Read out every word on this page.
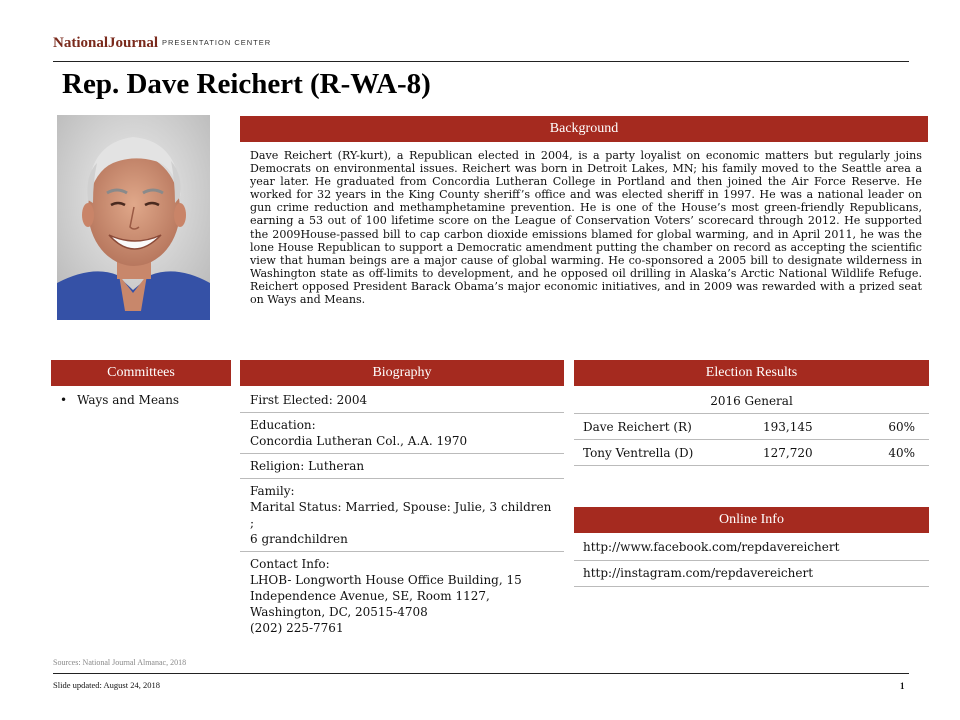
NationalJournal $^{PRESENTATION CENTER}$
Rep. Dave Reichert (R-WA-8)
Background
Dave Reichert (RY-kurt), a Republican elected in 2004, is a party loyalist on economic matters but regularly joins Democrats on environmental issues. Reichert was born in Detroit Lakes, MN; his family moved to the Seattle area a year later. He graduated from Concordia Lutheran College in Portland and then joined the Air Force Reserve. He worked for 32 years in the King County sheriff’s office and was elected sheriff in 1997. He was a national leader on gun crime reduction and methamphetamine prevention. He is one of the House’s most green-friendly Republicans, earning a 53 out of 100 lifetime score on the League of Conservation Voters’ scorecard through 2012. He supported the 2009House-passed bill to cap carbon dioxide emissions blamed for global warming, and in April 2011, he was the lone House Republican to support a Democratic amendment putting the chamber on record as accepting the scientific view that human beings are a major cause of global warming. He co-sponsored a 2005 bill to designate wilderness in Washington state as off-limits to development, and he opposed oil drilling in Alaska’s Arctic National Wildlife Refuge. Reichert opposed President Barack Obama’s major economic initiatives, and in 2009 was rewarded with a prized seat on Ways and Means.
Committees
• Ways and Means
Biography
First Elected: 2004
Education:
Concordia Lutheran Col., A.A. 1970
Religion: Lutheran
Family:
Marital Status: Married, Spouse: Julie, 3 children ;
6 grandchildren
Contact Info:
LHOB- Longworth House Office Building, 15
Independence Avenue, SE, Room 1127,
Washington, DC, 20515-4708
(202) 225-7761
Election Results
2016 General
Dave Reichert (R)	193,145	60%
Tony Ventrella (D)	127,720	40%
Online Info
http://www.facebook.com/repdavereichert
http://instagram.com/repdavereichert
Sources: National Journal Almanac, 2018
Slide updated: August 24, 2018	1
